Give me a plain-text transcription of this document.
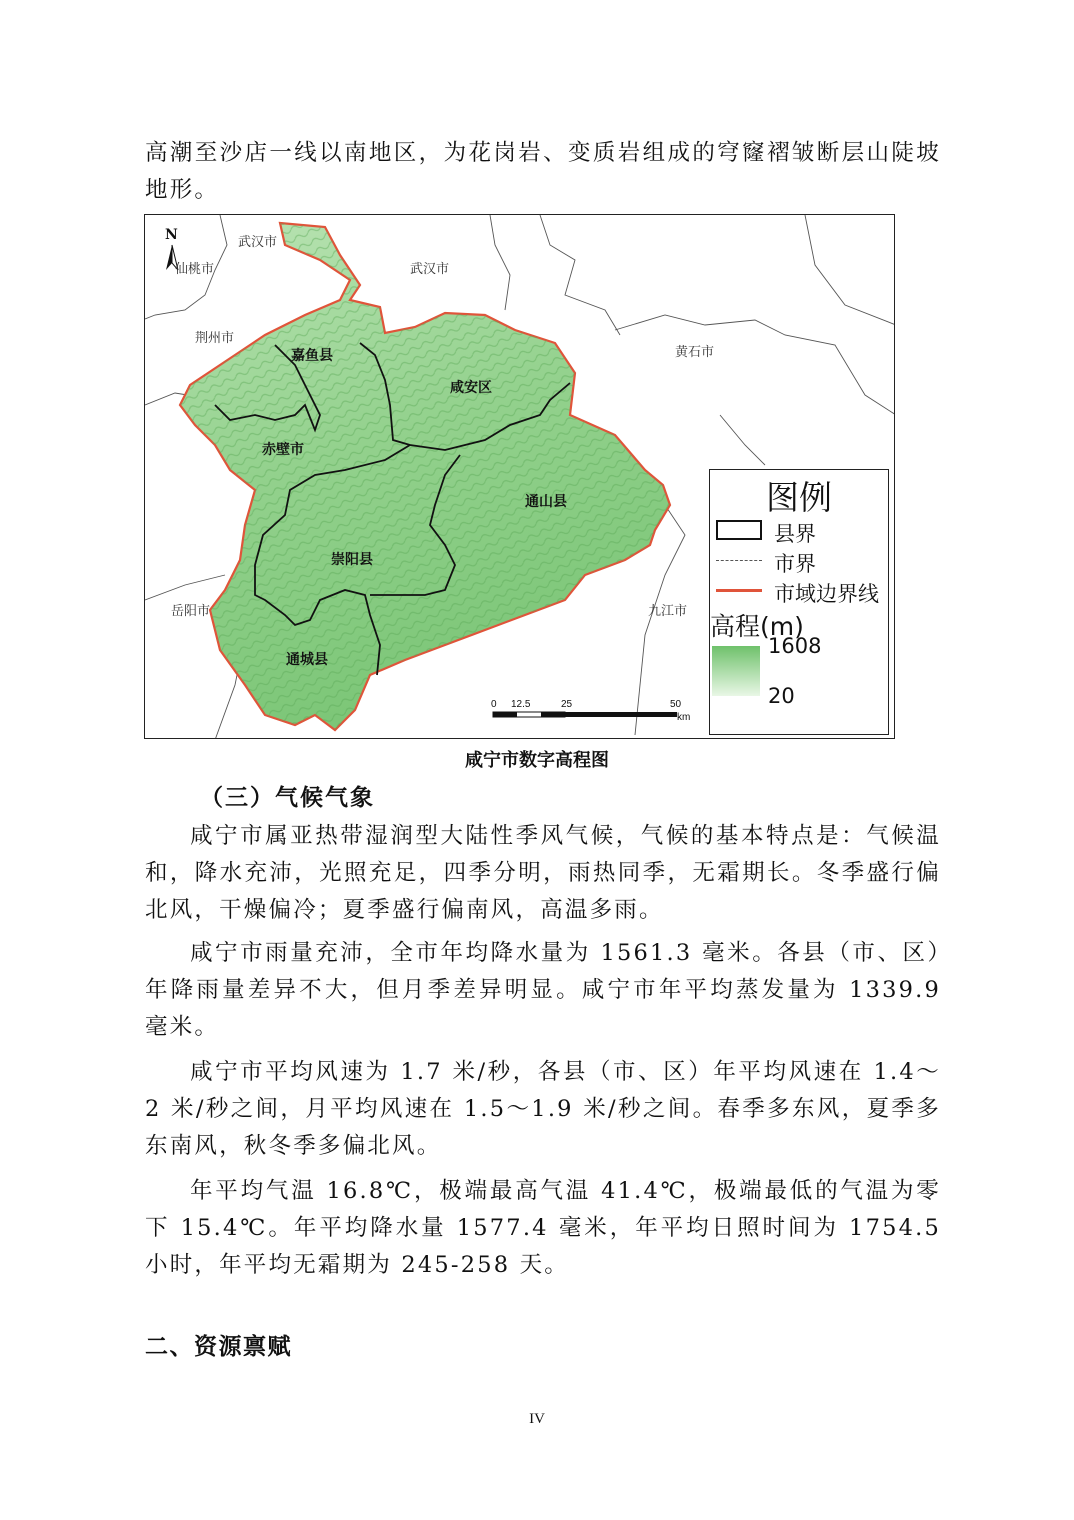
高潮至沙店一线以南地区，为花岗岩、变质岩组成的穹窿褶皱断层山陡坡地形。

N	武汉市
武汉市
仙桃市
荆州市
黄石市
岳阳市	九江市
嘉鱼县
咸安区
赤壁市
通山县
崇阳县
通城县
图例
县界
市界
市域边界线
高程(m)
1608
20
0 12.5	25	50
km
咸宁市数字高程图
（三）气候气象

咸宁市属亚热带湿润型大陆性季风气候，气候的基本特点是：气候温和，降水充沛，光照充足，四季分明，雨热同季，无霜期长。冬季盛行偏北风，干燥偏冷；夏季盛行偏南风，高温多雨。

咸宁市雨量充沛，全市年均降水量为 1561.3 毫米。各县（市、区）年降雨量差异不大，但月季差异明显。咸宁市年平均蒸发量为 1339.9 毫米。

咸宁市平均风速为 1.7 米/秒，各县（市、区）年平均风速在 1.4～2 米/秒之间，月平均风速在 1.5～1.9 米/秒之间。春季多东风，夏季多东南风，秋冬季多偏北风。

年平均气温 16.8℃，极端最高气温 41.4℃，极端最低的气温为零下 15.4℃。年平均降水量 1577.4 毫米，年平均日照时间为 1754.5 小时，年平均无霜期为 245-258 天。

二、资源禀赋
IV
